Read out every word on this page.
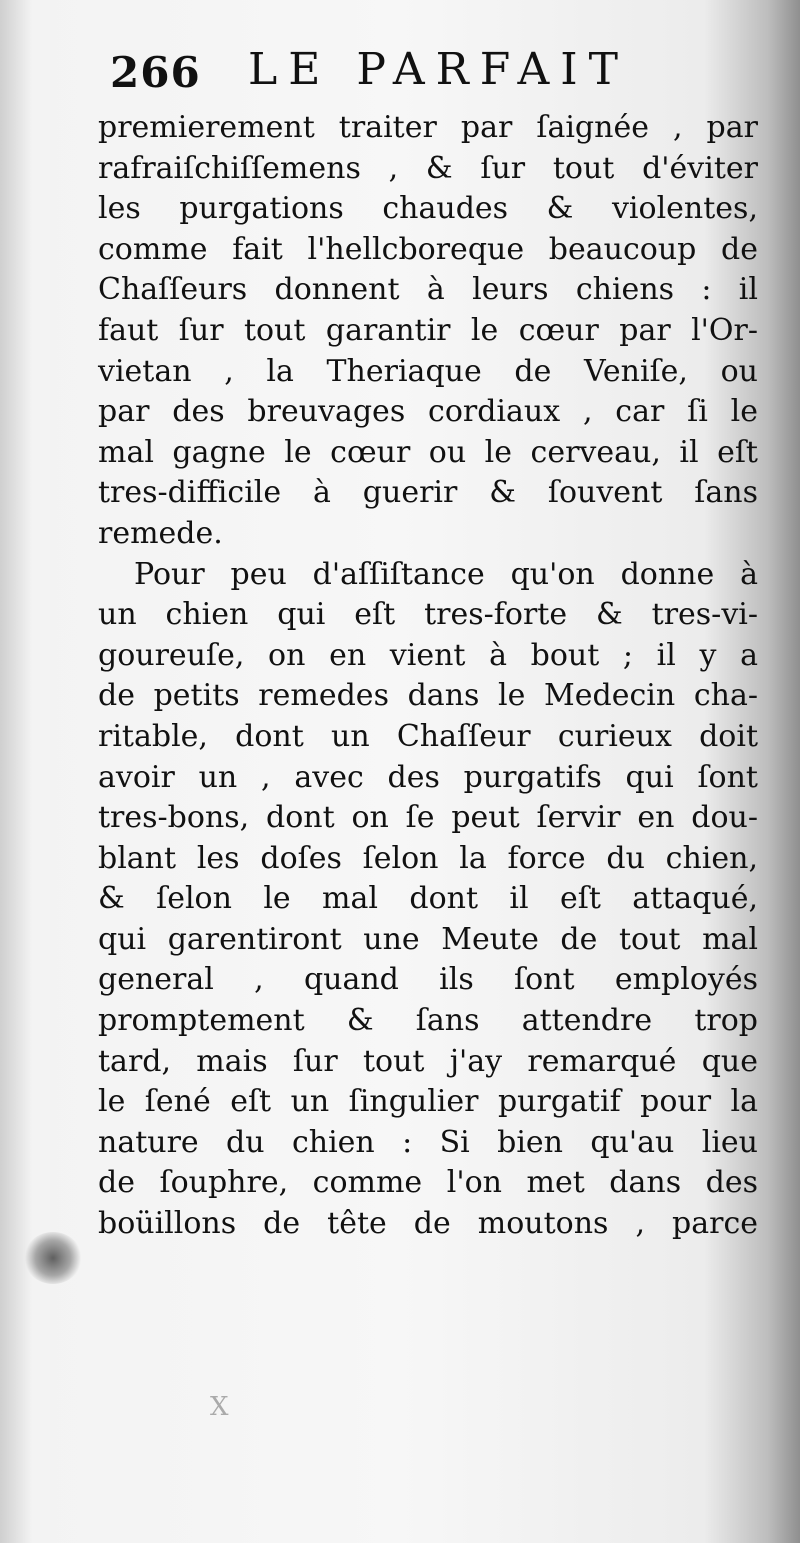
266 LE PARFAIT
premierement traiter par ſaignée , par
rafraiſchiſſemens , & ſur tout d'éviter
les purgations chaudes & violentes,
comme fait l'hellcboreque beaucoup de
Chaſſeurs donnent à leurs chiens : il
faut ſur tout garantir le cœur par l'Or-
vietan , la Theriaque de Veniſe, ou
par des breuvages cordiaux , car ſi le
mal gagne le cœur ou le cerveau, il eſt
tres-difficile à guerir & ſouvent ſans
remede.
Pour peu d'aſſiſtance qu'on donne à
un chien qui eſt tres-forte & tres-vi-
goureuſe, on en vient à bout ; il y a
de petits remedes dans le Medecin cha-
ritable, dont un Chaſſeur curieux doit
avoir un , avec des purgatifs qui ſont
tres-bons, dont on ſe peut ſervir en dou-
blant les doſes ſelon la force du chien,
& ſelon le mal dont il eſt attaqué,
qui garentiront une Meute de tout mal
general , quand ils ſont employés
promptement & ſans attendre trop
tard, mais ſur tout j'ay remarqué que
le ſené eſt un ſingulier purgatif pour la
nature du chien : Si bien qu'au lieu
de ſouphre, comme l'on met dans des
boüillons de tête de moutons , parce
X
